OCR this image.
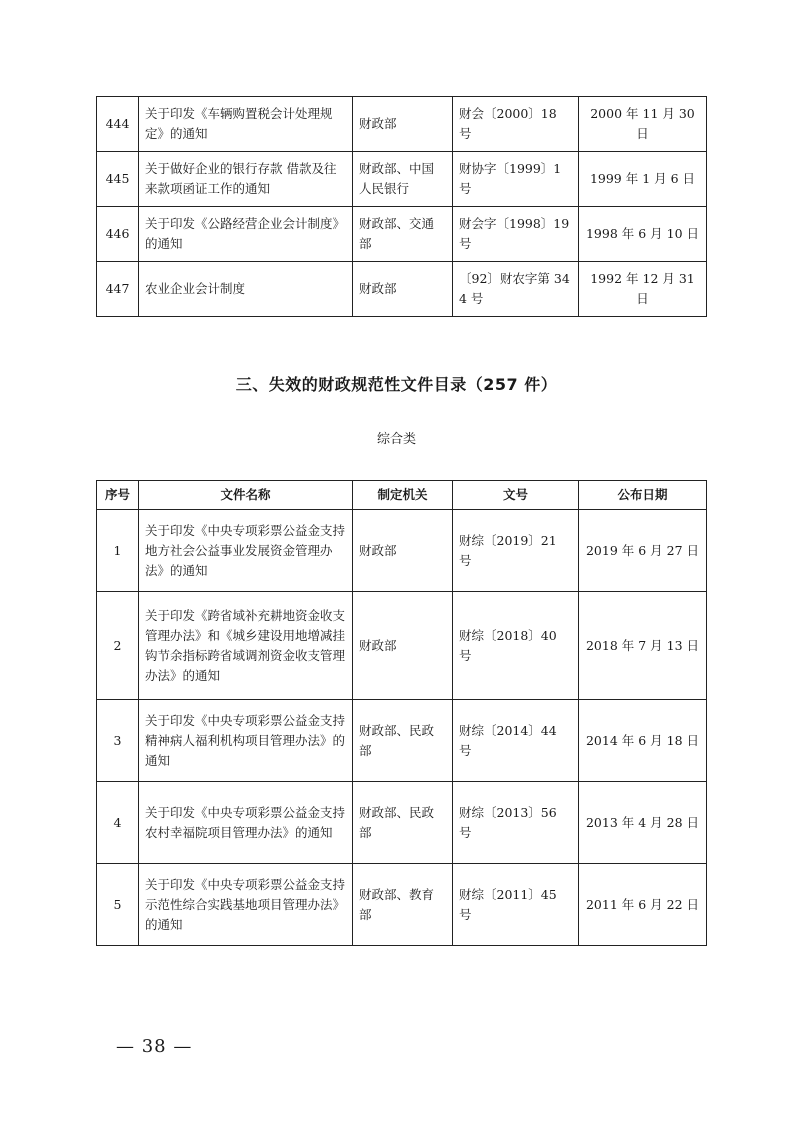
444	关于印发《车辆购置税会计处理规定》的通知	财政部	财会〔2000〕18 号	2000 年 11 月 30 日
445	关于做好企业的银行存款 借款及往来款项函证工作的通知	财政部、中国人民银行	财协字〔1999〕1 号	1999 年 1 月 6 日
446	关于印发《公路经营企业会计制度》的通知	财政部、交通部	财会字〔1998〕19 号	1998 年 6 月 10 日
447	农业企业会计制度	财政部	〔92〕财农字第 344 号	1992 年 12 月 31 日
三、失效的财政规范性文件目录（257 件）
综合类
序号	文件名称	制定机关	文号	公布日期
1	关于印发《中央专项彩票公益金支持地方社会公益事业发展资金管理办法》的通知	财政部	财综〔2019〕21 号	2019 年 6 月 27 日
2	关于印发《跨省域补充耕地资金收支管理办法》和《城乡建设用地增减挂钩节余指标跨省域调剂资金收支管理办法》的通知	财政部	财综〔2018〕40 号	2018 年 7 月 13 日
3	关于印发《中央专项彩票公益金支持精神病人福利机构项目管理办法》的通知	财政部、民政部	财综〔2014〕44 号	2014 年 6 月 18 日
4	关于印发《中央专项彩票公益金支持农村幸福院项目管理办法》的通知	财政部、民政部	财综〔2013〕56 号	2013 年 4 月 28 日
5	关于印发《中央专项彩票公益金支持示范性综合实践基地项目管理办法》的通知	财政部、教育部	财综〔2011〕45 号	2011 年 6 月 22 日
— 38 —
